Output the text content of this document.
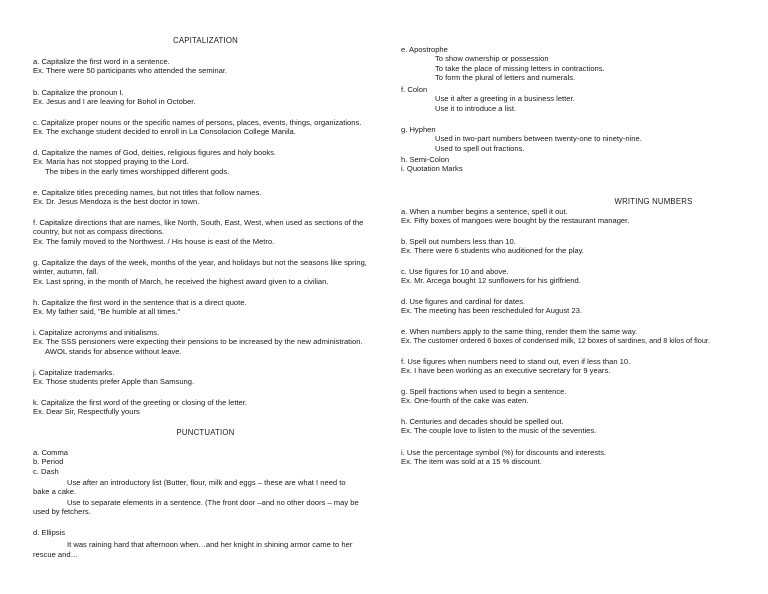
CAPITALIZATION
a. Capitalize the first word in a sentence.
Ex. There were 50 participants who attended the seminar.
b. Capitalize the pronoun I.
Ex. Jesus and I are leaving for Bohol in October.
c. Capitalize proper nouns or the specific names of persons, places, events, things, organizations.
Ex. The exchange student decided to enroll in La Consolacion College Manila.
d. Capitalize the names of God, deities, religious figures and holy books.
Ex. Maria has not stopped praying to the Lord.
The tribes in the early times worshipped different gods.
e. Capitalize titles preceding names, but not titles that follow names.
Ex. Dr. Jesus Mendoza is the best doctor in town.
f. Capitalize directions that are names, like North, South, East, West, when used as sections of the
country, but not as compass directions.
Ex. The family moved to the Northwest. / His house is east of the Metro.
g. Capitalize the days of the week, months of the year, and holidays but not the seasons like spring,
winter, autumn, fall.
Ex. Last spring, in the month of March, he received the highest award given to a civilian.
h. Capitalize the first word in the sentence that is a direct quote.
Ex. My father said, "Be humble at all times."
i. Capitalize acronyms and initialisms.
Ex. The SSS pensioners were expecting their pensions to be increased by the new administration.
AWOL stands for absence without leave.
j. Capitalize trademarks.
Ex. Those students prefer Apple than Samsung.
k. Capitalize the first word of the greeting or closing of the letter.
Ex. Dear Sir, Respectfully yours
PUNCTUATION
a. Comma
b. Period
c. Dash
Use after an introductory list (Butter, flour, milk and eggs – these are what I need to
bake a cake.
Use to separate elements in a sentence. (The front door –and no other doors – may be
used by fetchers.
d. Ellipsis
It was raining hard that afternoon when…and her knight in shining armor came to her
rescue and…
e. Apostrophe
To show ownership or possession
To take the place of missing letters in contractions.
To form the plural of letters and numerals.
f. Colon
Use it after a greeting in a business letter.
Use it to introduce a list.
g. Hyphen
Used in two-part numbers between twenty-one to ninety-nine.
Used to spell out fractions.
h. Semi-Colon
i. Quotation Marks
WRITING NUMBERS
a. When a number begins a sentence, spell it out.
Ex. Fifty boxes of mangoes were bought by the restaurant manager.
b. Spell out numbers less than 10.
Ex. There were 6 students who auditioned for the play.
c. Use figures for 10 and above.
Ex. Mr. Arcega bought 12 sunflowers for his girlfriend.
d. Use figures and cardinal for dates.
Ex. The meeting has been rescheduled for August 23.
e. When numbers apply to the same thing, render them the same way.
Ex. The customer ordered 6 boxes of condensed milk, 12 boxes of sardines, and 8 kilos of flour.
f. Use figures when numbers need to stand out, even if less than 10.
Ex. I have been working as an executive secretary for 9 years.
g. Spell fractions when used to begin a sentence.
Ex. One-fourth of the cake was eaten.
h. Centuries and decades should be spelled out.
Ex. The couple love to listen to the music of the seventies.
i. Use the percentage symbol (%) for discounts and interests.
Ex. The item was sold at a 15 % discount.
